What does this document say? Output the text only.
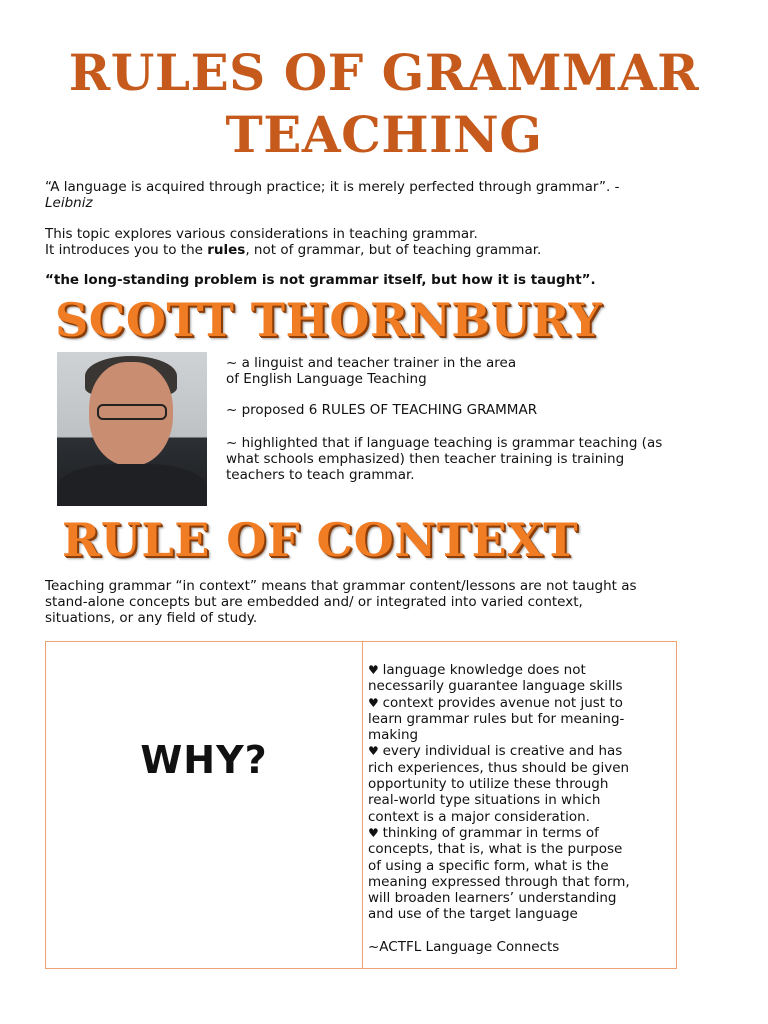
RULES OF GRAMMAR
TEACHING
“A language is acquired through practice; it is merely perfected through grammar”. -
Leibniz
This topic explores various considerations in teaching grammar.
It introduces you to the rules, not of grammar, but of teaching grammar.
“the long-standing problem is not grammar itself, but how it is taught”.
SCOTT THORNBURY
~ a linguist and teacher trainer in the area
of English Language Teaching
~ proposed 6 RULES OF TEACHING GRAMMAR
~ highlighted that if language teaching is grammar teaching (as
what schools emphasized) then teacher training is training
teachers to teach grammar.
RULE OF CONTEXT
Teaching grammar “in context” means that grammar content/lessons are not taught as
stand-alone concepts but are embedded and/ or integrated into varied context,
situations, or any field of study.
WHY?
♥ language knowledge does not
necessarily guarantee language skills
♥ context provides avenue not just to
learn grammar rules but for meaning-
making
♥ every individual is creative and has
rich experiences, thus should be given
opportunity to utilize these through
real-world type situations in which
context is a major consideration.
♥ thinking of grammar in terms of
concepts, that is, what is the purpose
of using a specific form, what is the
meaning expressed through that form,
will broaden learners’ understanding
and use of the target language
~ACTFL Language Connects
